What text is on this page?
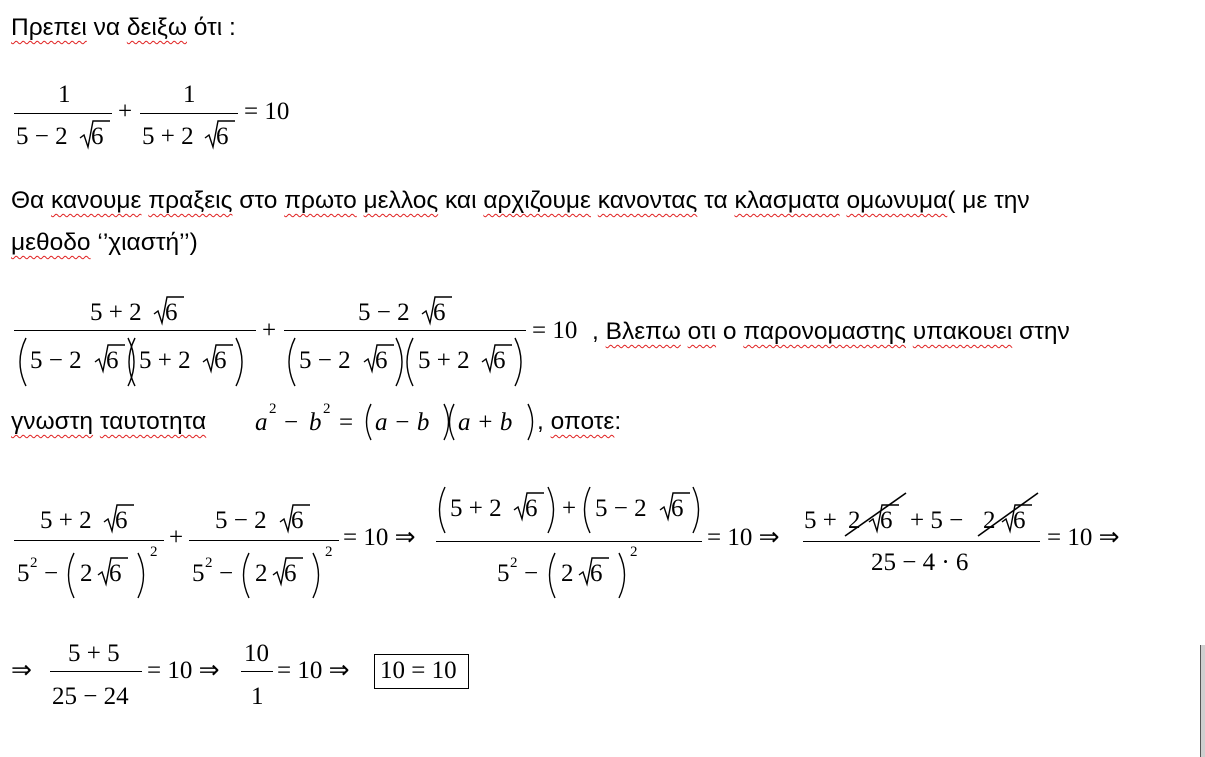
Πρεπει να δειξω ότι :
1
5 − 2 6
+
1
5 + 2 6
= 10
Θα κανουμε πραξεις στο πρωτο μελλος και αρχιζουμε κανοντας τα κλασματα ομωνυμα( με την
μεθοδο ‘’χιαστή’’)
5 + 2 6
5 − 2 6 5 + 2 6
+
5 − 2 6
5 − 2 6 5 + 2 6
= 10 , Βλεπω οτι ο παρονομαστης υπακουει στην
γνωστη ταυτοτητα a 2 − b 2 = a − b a + b , οποτε:
5 + 2 6
5 2 − 2 6
2
+
5 − 2 6
5 2 − 2 6
2
= 10 ⇒
5 + 2 6 + 5 − 2 6
5 2 − 2 6
2
= 10 ⇒
5 + 2 6 + 5 − 2 6
25 − 4 · 6
= 10 ⇒
⇒
5 + 5
25 − 24
= 10 ⇒
10
1
= 10 ⇒ 10 = 10
